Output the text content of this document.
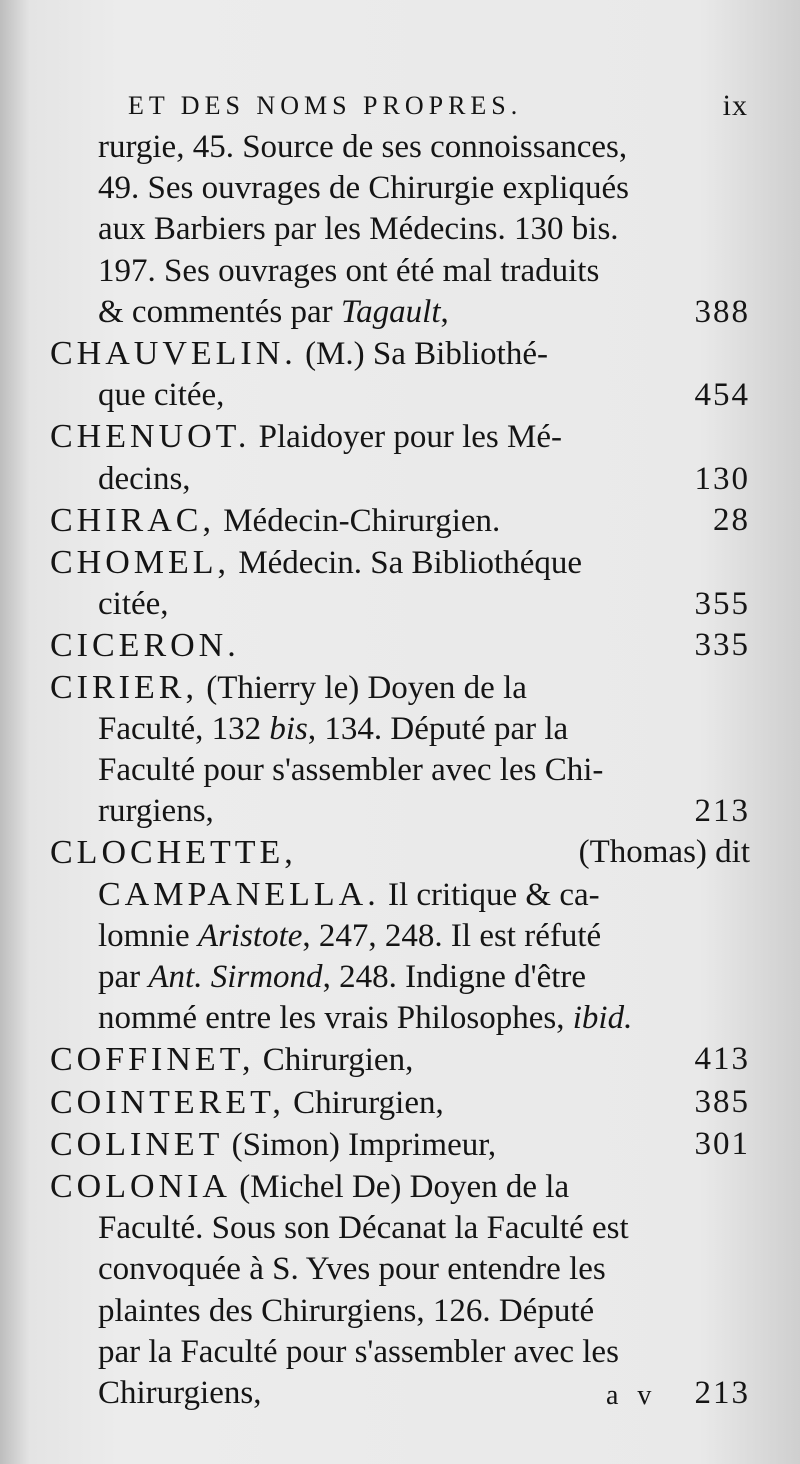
ET DES NOMS PROPRES.	ix
rurgie, 45. Source de ses connoissances,
49. Ses ouvrages de Chirurgie expliqués
aux Barbiers par les Médecins. 130 bis.
197. Ses ouvrages ont été mal traduits
& commentés par Tagault,	388
CHAUVELIN. (M.) Sa Bibliothé-
que citée,	454
CHENUOT. Plaidoyer pour les Mé-
decins,	130
CHIRAC, Médecin-Chirurgien.	28
CHOMEL, Médecin. Sa Bibliothéque
citée,	355
CICERON.	335
CIRIER, (Thierry le) Doyen de la
Faculté, 132 bis, 134. Député par la
Faculté pour s'assembler avec les Chi-
rurgiens,	213
CLOCHETTE,	(Thomas) dit
CAMPANELLA. Il critique & ca-
lomnie Aristote, 247, 248. Il est réfuté
par Ant. Sirmond, 248. Indigne d'être
nommé entre les vrais Philosophes, ibid.
COFFINET, Chirurgien,	413
COINTERET, Chirurgien,	385
COLINET (Simon) Imprimeur,	301
COLONIA (Michel De) Doyen de la
Faculté. Sous son Décanat la Faculté est
convoquée à S. Yves pour entendre les
plaintes des Chirurgiens, 126. Député
par la Faculté pour s'assembler avec les
Chirurgiens,	213
a v
